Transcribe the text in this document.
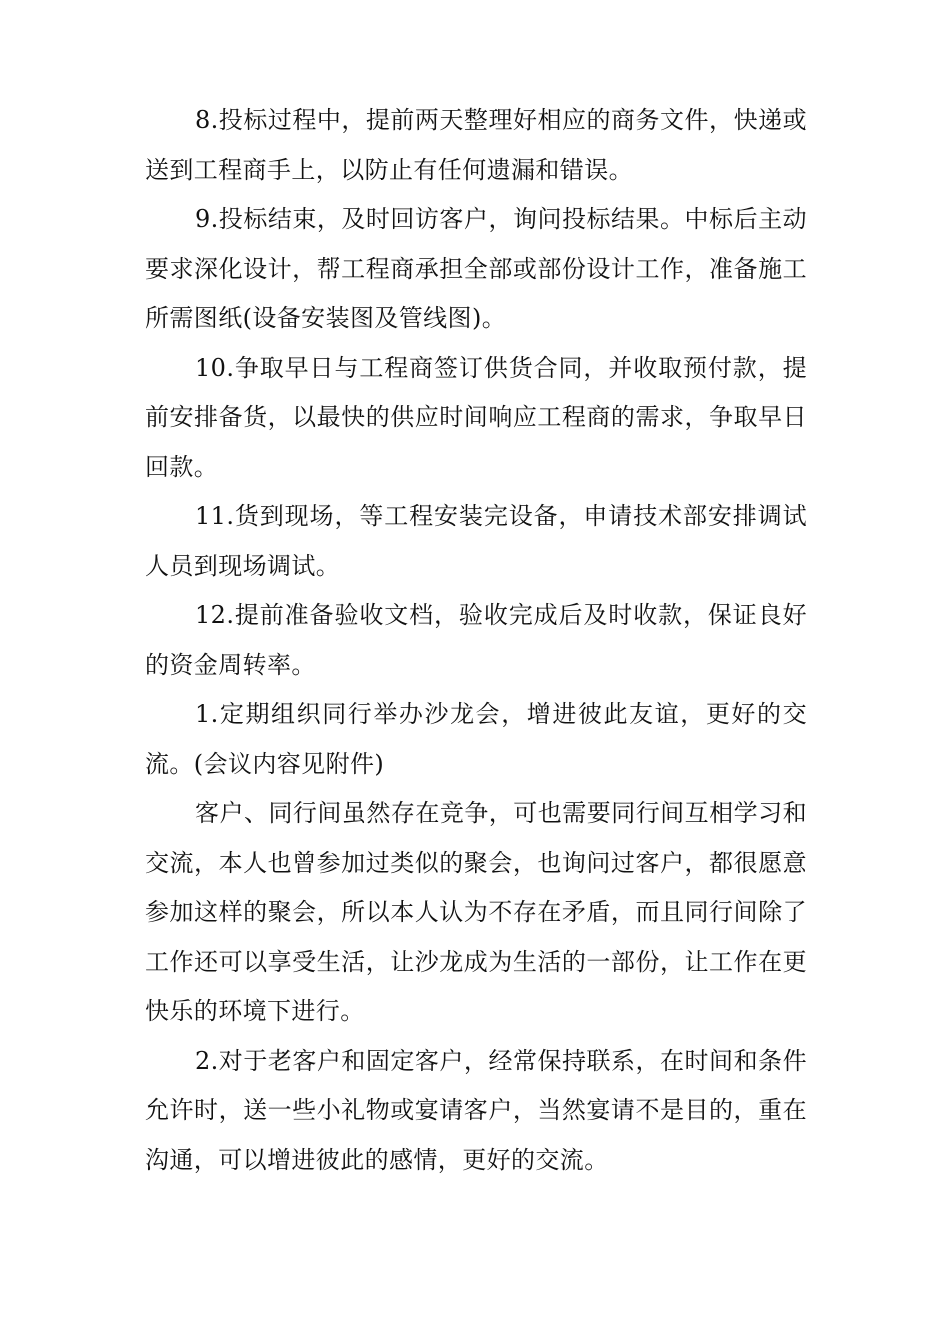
8.投标过程中，提前两天整理好相应的商务文件，快递或送到工程商手上，以防止有任何遗漏和错误。

9.投标结束，及时回访客户，询问投标结果。中标后主动要求深化设计，帮工程商承担全部或部份设计工作，准备施工所需图纸(设备安装图及管线图)。

10.争取早日与工程商签订供货合同，并收取预付款，提前安排备货，以最快的供应时间响应工程商的需求，争取早日回款。

11.货到现场，等工程安装完设备，申请技术部安排调试人员到现场调试。

12.提前准备验收文档，验收完成后及时收款，保证良好的资金周转率。

1.定期组织同行举办沙龙会，增进彼此友谊，更好的交流。(会议内容见附件)

客户、同行间虽然存在竞争，可也需要同行间互相学习和交流，本人也曾参加过类似的聚会，也询问过客户，都很愿意参加这样的聚会，所以本人认为不存在矛盾，而且同行间除了工作还可以享受生活，让沙龙成为生活的一部份，让工作在更快乐的环境下进行。

2.对于老客户和固定客户，经常保持联系，在时间和条件允许时，送一些小礼物或宴请客户，当然宴请不是目的，重在沟通，可以增进彼此的感情，更好的交流。
